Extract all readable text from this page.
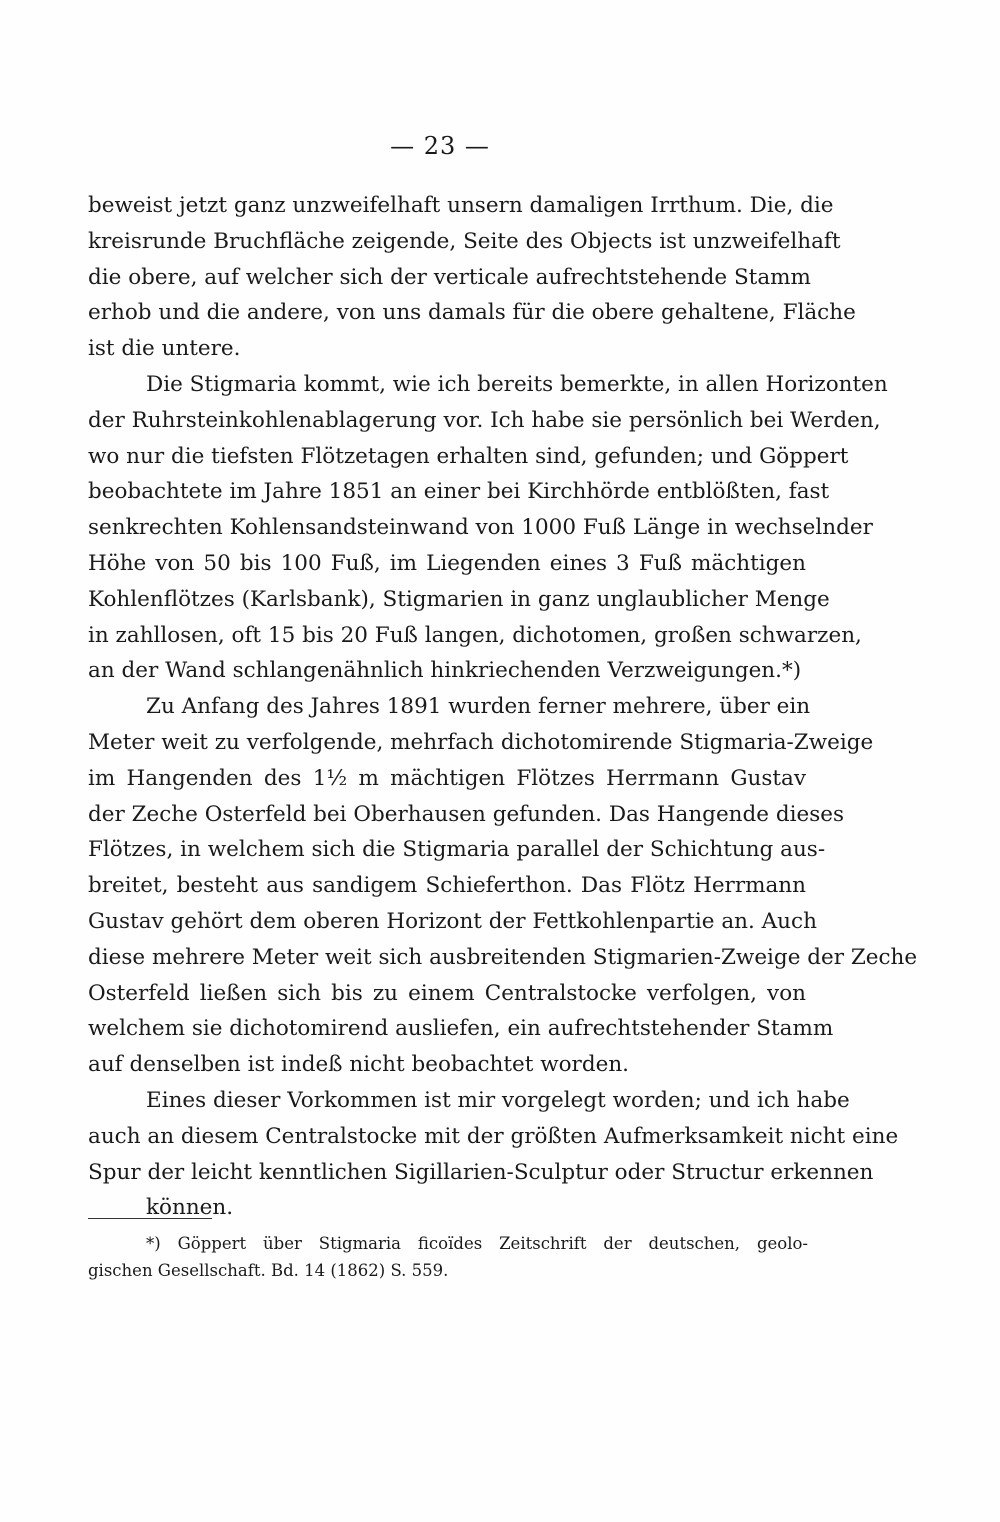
— 23 —
beweist jetzt ganz unzweifelhaft unsern damaligen Irrthum. Die, die
kreisrunde Bruchfläche zeigende, Seite des Objects ist unzweifelhaft
die obere, auf welcher sich der verticale aufrechtstehende Stamm
erhob und die andere, von uns damals für die obere gehaltene, Fläche
ist die untere.
Die Stigmaria kommt, wie ich bereits bemerkte, in allen Horizonten
der Ruhrsteinkohlenablagerung vor. Ich habe sie persönlich bei Werden,
wo nur die tiefsten Flötzetagen erhalten sind, gefunden; und Göppert
beobachtete im Jahre 1851 an einer bei Kirchhörde entblößten, fast
senkrechten Kohlensandsteinwand von 1000 Fuß Länge in wechselnder
Höhe von 50 bis 100 Fuß, im Liegenden eines 3 Fuß mächtigen
Kohlenflötzes (Karlsbank), Stigmarien in ganz unglaublicher Menge
in zahllosen, oft 15 bis 20 Fuß langen, dichotomen, großen schwarzen,
an der Wand schlangenähnlich hinkriechenden Verzweigungen.*)
Zu Anfang des Jahres 1891 wurden ferner mehrere, über ein
Meter weit zu verfolgende, mehrfach dichotomirende Stigmaria-Zweige
im Hangenden des 1½ m mächtigen Flötzes Herrmann Gustav
der Zeche Osterfeld bei Oberhausen gefunden. Das Hangende dieses
Flötzes, in welchem sich die Stigmaria parallel der Schichtung aus-
breitet, besteht aus sandigem Schieferthon. Das Flötz Herrmann
Gustav gehört dem oberen Horizont der Fettkohlenpartie an. Auch
diese mehrere Meter weit sich ausbreitenden Stigmarien-Zweige der Zeche
Osterfeld ließen sich bis zu einem Centralstocke verfolgen, von
welchem sie dichotomirend ausliefen, ein aufrechtstehender Stamm
auf denselben ist indeß nicht beobachtet worden.
Eines dieser Vorkommen ist mir vorgelegt worden; und ich habe
auch an diesem Centralstocke mit der größten Aufmerksamkeit nicht eine
Spur der leicht kenntlichen Sigillarien-Sculptur oder Structur erkennen
können.
*) Göppert über Stigmaria ficoïdes Zeitschrift der deutschen, geolo-
gischen Gesellschaft. Bd. 14 (1862) S. 559.
